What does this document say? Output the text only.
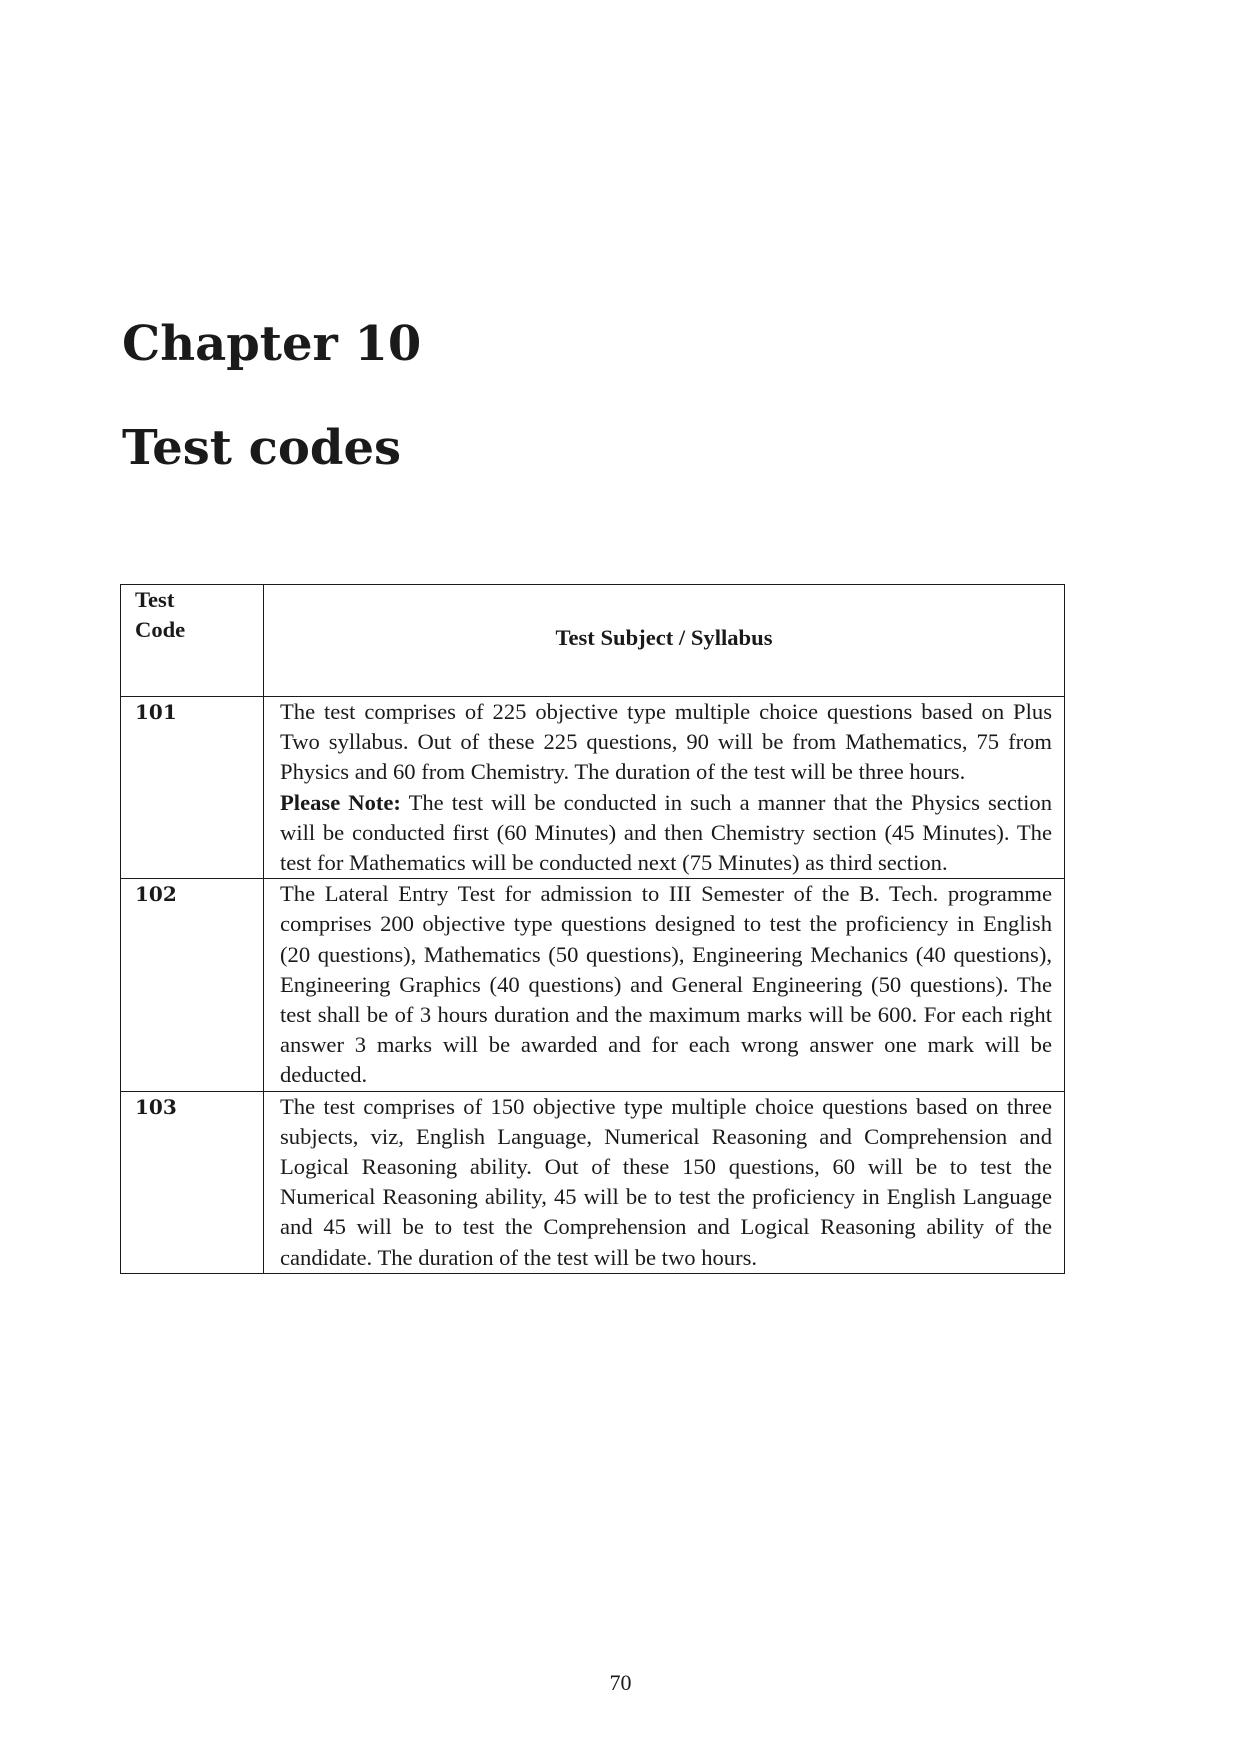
Chapter 10
Test codes
Test
Code	Test Subject / Syllabus
101	The test comprises of 225 objective type multiple choice questions based on Plus Two syllabus. Out of these 225 questions, 90 will be from Mathematics, 75 from Physics and 60 from Chemistry. The duration of the test will be three hours.

Please Note: The test will be conducted in such a manner that the Physics section will be conducted first (60 Minutes) and then Chemistry section (45 Minutes). The test for Mathematics will be conducted next (75 Minutes) as third section.

102	The Lateral Entry Test for admission to III Semester of the B. Tech. programme comprises 200 objective type questions designed to test the proficiency in English (20 questions), Mathematics (50 questions), Engineering Mechanics (40 questions), Engineering Graphics (40 questions) and General Engineering (50 questions). The test shall be of 3 hours duration and the maximum marks will be 600. For each right answer 3 marks will be awarded and for each wrong answer one mark will be deducted.

103	The test comprises of 150 objective type multiple choice questions based on three subjects, viz, English Language, Numerical Reasoning and Comprehension and Logical Reasoning ability. Out of these 150 questions, 60 will be to test the Numerical Reasoning ability, 45 will be to test the proficiency in English Language and 45 will be to test the Comprehension and Logical Reasoning ability of the candidate. The duration of the test will be two hours.

70
